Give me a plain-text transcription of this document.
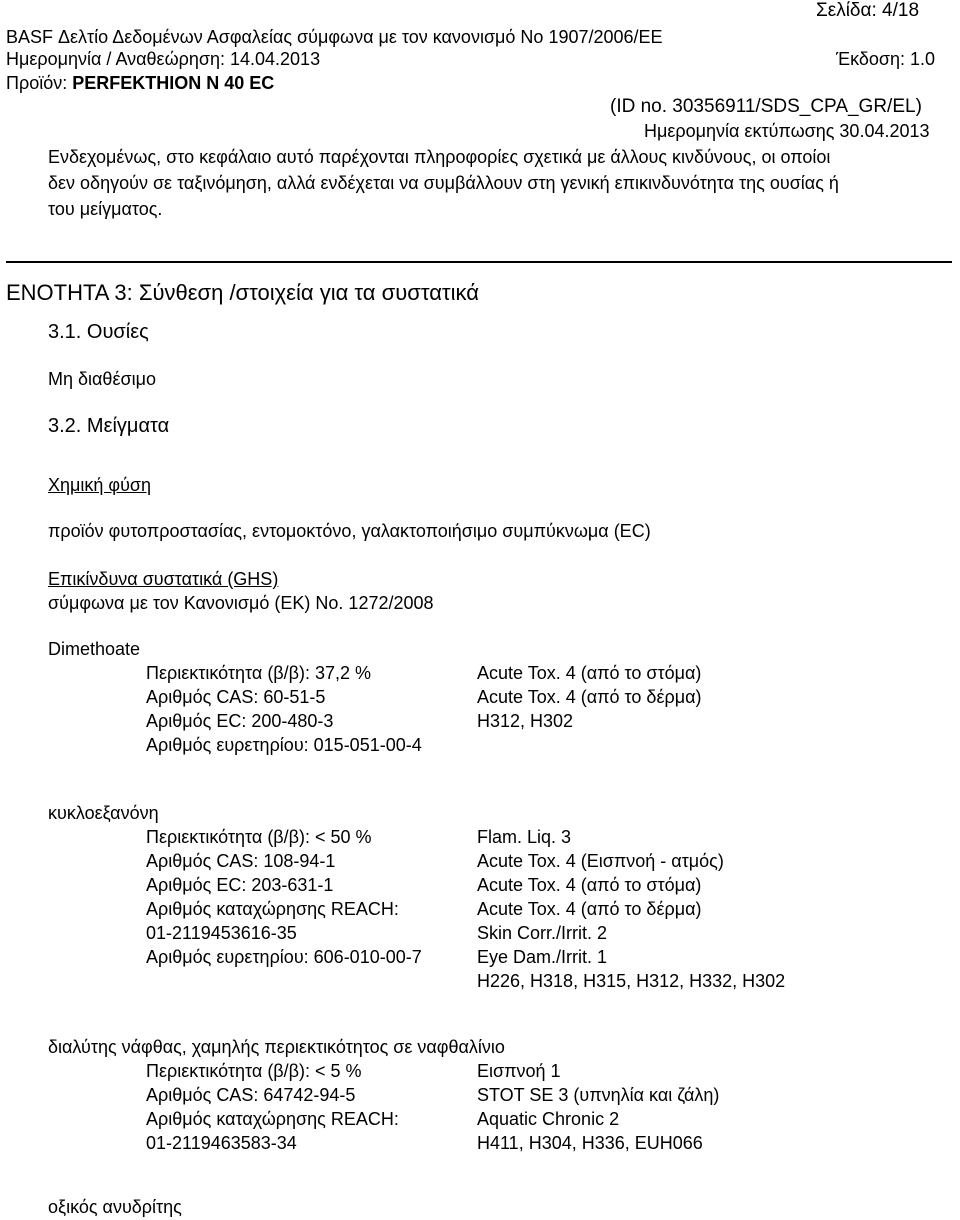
Σελίδα: 4/18
BASF Δελτίο Δεδομένων Ασφαλείας σύμφωνα με τον κανονισμό Νο 1907/2006/ΕΕ
Ημερομηνία / Αναθεώρηση: 14.04.2013	Έκδοση: 1.0
Προϊόν: PERFEKTHION N 40 EC
(ID no. 30356911/SDS_CPA_GR/EL)
Ημερομηνία εκτύπωσης 30.04.2013
Ενδεχομένως, στο κεφάλαιο αυτό παρέχονται πληροφορίες σχετικά με άλλους κινδύνους, οι οποίοι
δεν οδηγούν σε ταξινόμηση, αλλά ενδέχεται να συμβάλλουν στη γενική επικινδυνότητα της ουσίας ή
του μείγματος.
ΕΝΟΤΗΤΑ 3: Σύνθεση /στοιχεία για τα συστατικά
3.1. Ουσίες
Μη διαθέσιμο
3.2. Μείγματα
Χημική φύση
προϊόν φυτοπροστασίας, εντομοκτόνο, γαλακτοποιήσιμο συμπύκνωμα (EC)
Επικίνδυνα συστατικά (GHS)
σύμφωνα με τον Κανονισμό (ΕΚ) Νο. 1272/2008
Dimethoate
Περιεκτικότητα (β/β): 37,2 %
Αριθμός CAS: 60-51-5
Αριθμός EC: 200-480-3
Αριθμός ευρετηρίου: 015-051-00-4
Acute Tox. 4 (από το στόμα)
Acute Tox. 4 (από το δέρμα)
H312, H302
κυκλοεξανόνη
Περιεκτικότητα (β/β): < 50 %
Αριθμός CAS: 108-94-1
Αριθμός EC: 203-631-1
Αριθμός καταχώρησης REACH:
01-2119453616-35
Αριθμός ευρετηρίου: 606-010-00-7
Flam. Liq. 3
Acute Tox. 4 (Εισπνοή - ατμός)
Acute Tox. 4 (από το στόμα)
Acute Tox. 4 (από το δέρμα)
Skin Corr./Irrit. 2
Eye Dam./Irrit. 1
H226, H318, H315, H312, H332, H302
διαλύτης νάφθας, χαμηλής περιεκτικότητος σε ναφθαλίνιο
Περιεκτικότητα (β/β): < 5 %
Αριθμός CAS: 64742-94-5
Αριθμός καταχώρησης REACH:
01-2119463583-34
Εισπνοή 1
STOT SE 3 (υπνηλία και ζάλη)
Aquatic Chronic 2
H411, H304, H336, EUH066
οξικός ανυδρίτης
